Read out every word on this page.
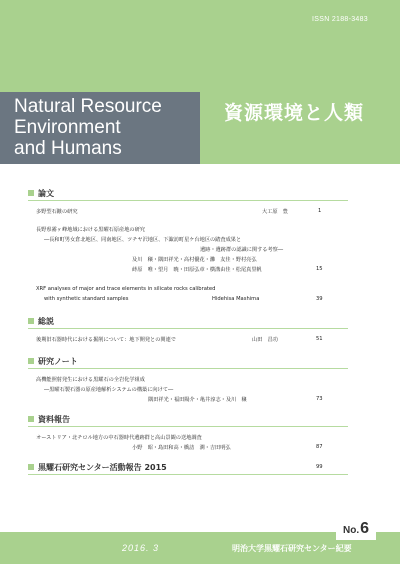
ISSN 2188-3483
Natural Resource
Environment
and Humans
資源環境と人類
論文
多野型石鏃の研究	大工原　豊	1
長野県霧ヶ峰地域における黒曜石原産地の研究
―長和町男女倉北地区、同南地区、ツチヤ沢地区、下諏訪町星ケ台地区の踏査成果と
遺跡・遺跡群の認識に関する考察―
及川　穣・隅田祥光・高村優花・灘　友佳・野村亮弘
蒔原　唯・望月　暁・田原弘章・横溝由佳・松尾真里帆	15
XRF analyses of major and trace elements in silicate rocks calibrated
with synthetic standard samples	Hidehisa Mashima	39
総説
後期旧石器時代における掘削について：地下開発との関連で	山田　昌功	51
研究ノート
高機能照射発生における黒耀石の全岩化学組成
―黒曜石製石器の原産地解析システムの構築に向けて―
隅田祥光・福田陽介・亀井淳志・及川　穣	73
資料報告
オーストリア・北チロル地方の中石器時代遺跡群と高山景観の送地調査
小野　昭・島田和高・橋詰　潤・吉田明弘	87
黒耀石研究センター活動報告 2015	99
No. 6
2016. 3	明治大学黒耀石研究センター紀要
